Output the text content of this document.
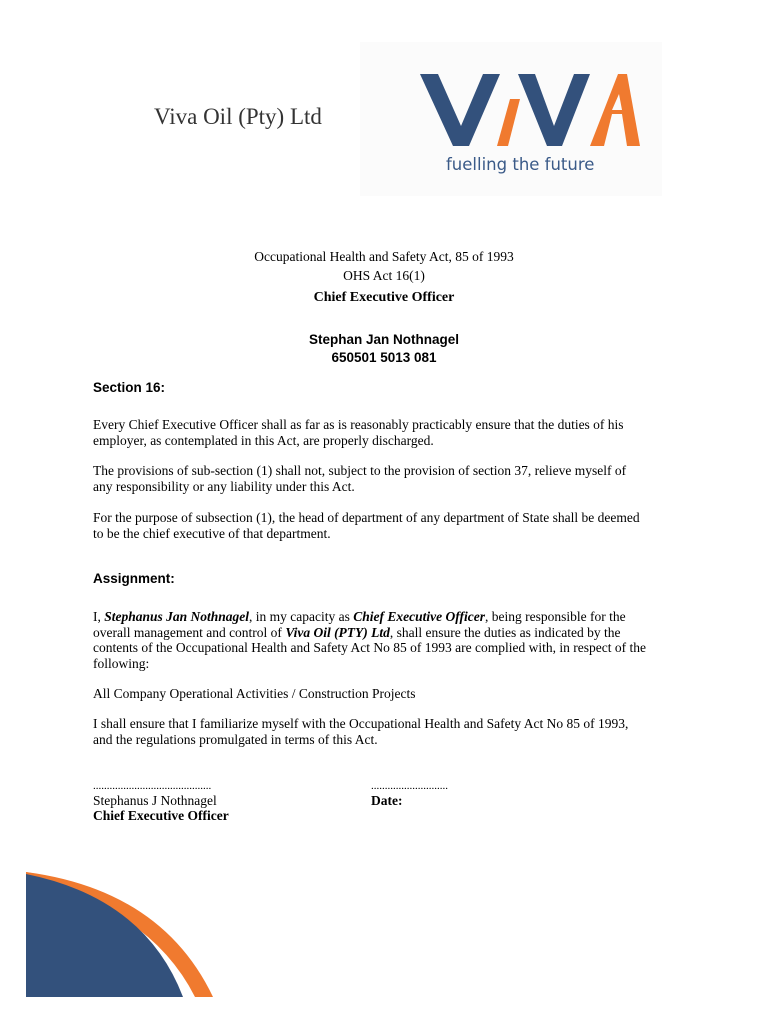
Viva Oil (Pty) Ltd
fuelling the future
Occupational Health and Safety Act, 85 of 1993
OHS Act 16(1)
Chief Executive Officer
Stephan Jan Nothnagel
650501 5013 081
Section 16:

Every Chief Executive Officer shall as far as is reasonably practicably ensure that the duties of his

employer, as contemplated in this Act, are properly discharged.

The provisions of sub-section (1) shall not, subject to the provision of section 37, relieve myself of

any responsibility or any liability under this Act.

For the purpose of subsection (1), the head of department of any department of State shall be deemed

to be the chief executive of that department.

Assignment:

I, Stephanus Jan Nothnagel, in my capacity as Chief Executive Officer, being responsible for the

overall management and control of Viva Oil (PTY) Ltd, shall ensure the duties as indicated by the

contents of the Occupational Health and Safety Act No 85 of 1993 are complied with, in respect of the

following:

All Company Operational Activities / Construction Projects

I shall ensure that I familiarize myself with the Occupational Health and Safety Act No 85 of 1993,

and the regulations promulgated in terms of this Act.

...........................................	............................
Stephanus J Nothnagel	Date:
Chief Executive Officer
